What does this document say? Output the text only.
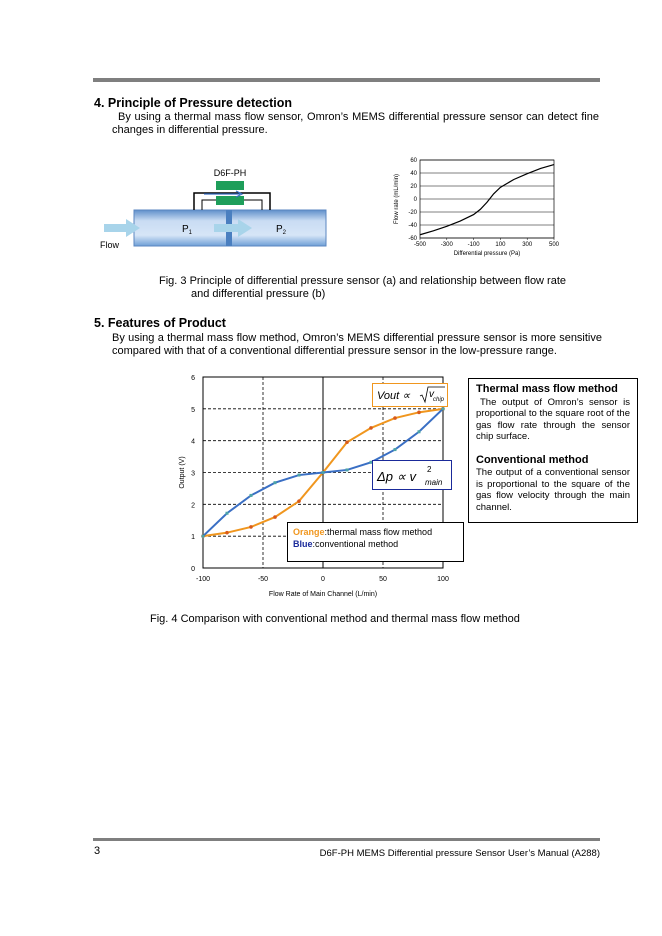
4. Principle of Pressure detection
By using a thermal mass flow sensor, Omron’s MEMS differential pressure sensor can detect fine changes in differential pressure.
D6F-PH
$P_1$	$P_2$
Flow
60
40
20
0
-20
-40
-60
-500 -300 -100	100	300	500
Differential pressure (Pa)
Flow rate (mL/min)
Fig. 3 Principle of differential pressure sensor (a) and relationship between flow rate
and differential pressure (b)
5. Features of Product
By using a thermal mass flow method, Omron’s MEMS differential pressure sensor is more sensitive compared with that of a conventional differential pressure sensor in the low-pressure range.
0
1
2
3
4
5
6
-100	-50	0	50	100
Flow Rate of Main Channel (L/min)
Output (V)
Vout ∝ v chip
Δp ∝ v 2
main
Orange:thermal mass flow method
Blue:conventional method
Thermal mass flow method
The output of Omron’s sensor is proportional to the square root of the gas flow rate through the sensor chip surface.
Conventional method
The output of a conventional sensor is proportional to the square of the gas flow velocity through the main channel.
Fig. 4 Comparison with conventional method and thermal mass flow method
3	D6F-PH MEMS Differential pressure Sensor User’s Manual (A288)
